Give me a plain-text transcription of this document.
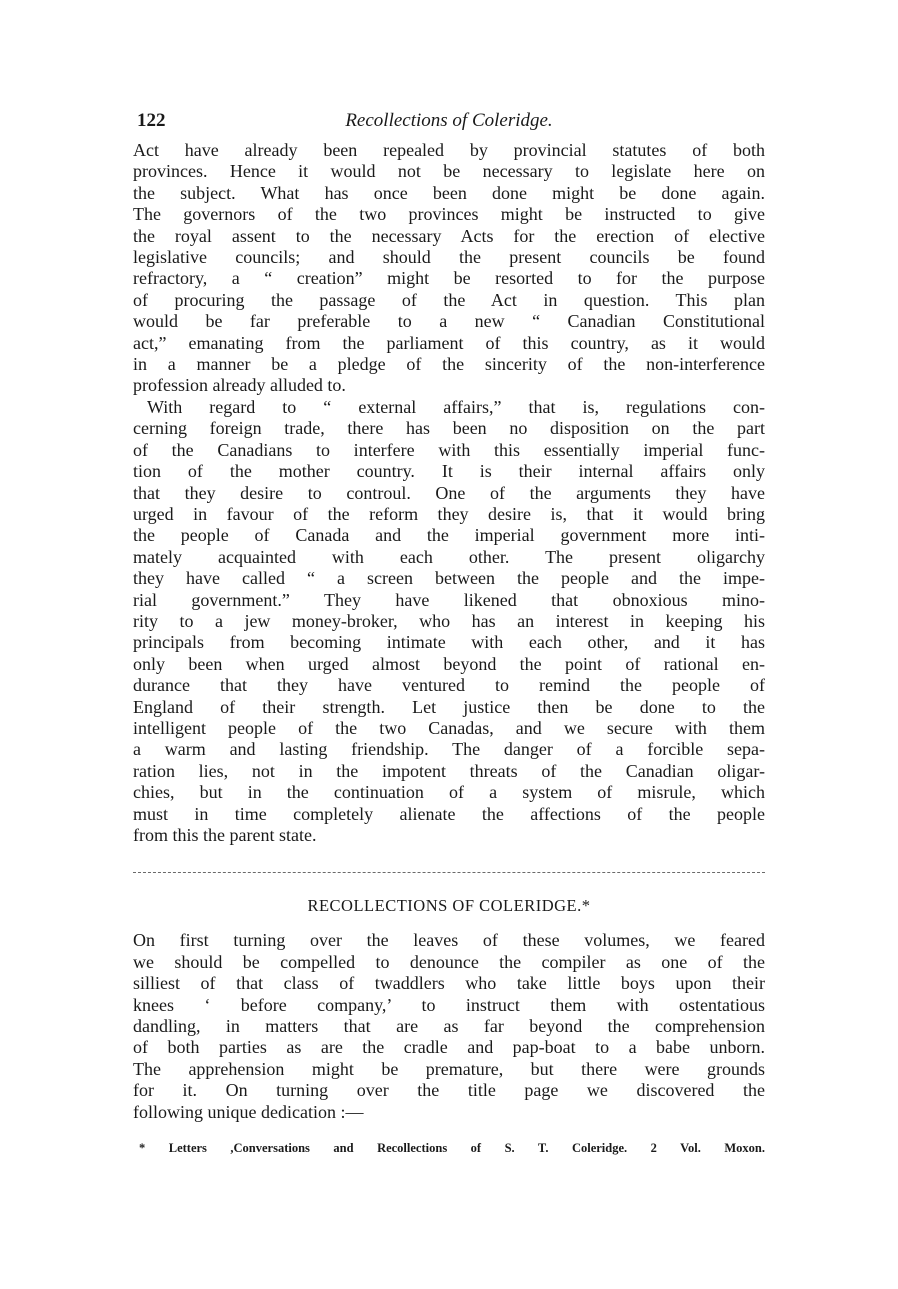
122	Recollections of Coleridge.
Act have already been repealed by provincial statutes of both
provinces. Hence it would not be necessary to legislate here on
the subject. What has once been done might be done again.
The governors of the two provinces might be instructed to give
the royal assent to the necessary Acts for the erection of elective
legislative councils; and should the present councils be found
refractory, a “ creation” might be resorted to for the purpose
of procuring the passage of the Act in question. This plan
would be far preferable to a new “ Canadian Constitutional
act,” emanating from the parliament of this country, as it would
in a manner be a pledge of the sincerity of the non-interference
profession already alluded to.
With regard to “ external affairs,” that is, regulations con-
cerning foreign trade, there has been no disposition on the part
of the Canadians to interfere with this essentially imperial func-
tion of the mother country. It is their internal affairs only
that they desire to controul. One of the arguments they have
urged in favour of the reform they desire is, that it would bring
the people of Canada and the imperial government more inti-
mately acquainted with each other. The present oligarchy
they have called “ a screen between the people and the impe-
rial government.” They have likened that obnoxious mino-
rity to a jew money-broker, who has an interest in keeping his
principals from becoming intimate with each other, and it has
only been when urged almost beyond the point of rational en-
durance that they have ventured to remind the people of
England of their strength. Let justice then be done to the
intelligent people of the two Canadas, and we secure with them
a warm and lasting friendship. The danger of a forcible sepa-
ration lies, not in the impotent threats of the Canadian oligar-
chies, but in the continuation of a system of misrule, which
must in time completely alienate the affections of the people
from this the parent state.
RECOLLECTIONS OF COLERIDGE.*
On first turning over the leaves of these volumes, we feared
we should be compelled to denounce the compiler as one of the
silliest of that class of twaddlers who take little boys upon their
knees ‘ before company,’ to instruct them with ostentatious
dandling, in matters that are as far beyond the comprehension
of both parties as are the cradle and pap-boat to a babe unborn.
The apprehension might be premature, but there were grounds
for it. On turning over the title page we discovered the
following unique dedication :—
* Letters ,Conversations and Recollections of S. T. Coleridge. 2 Vol. Moxon.
